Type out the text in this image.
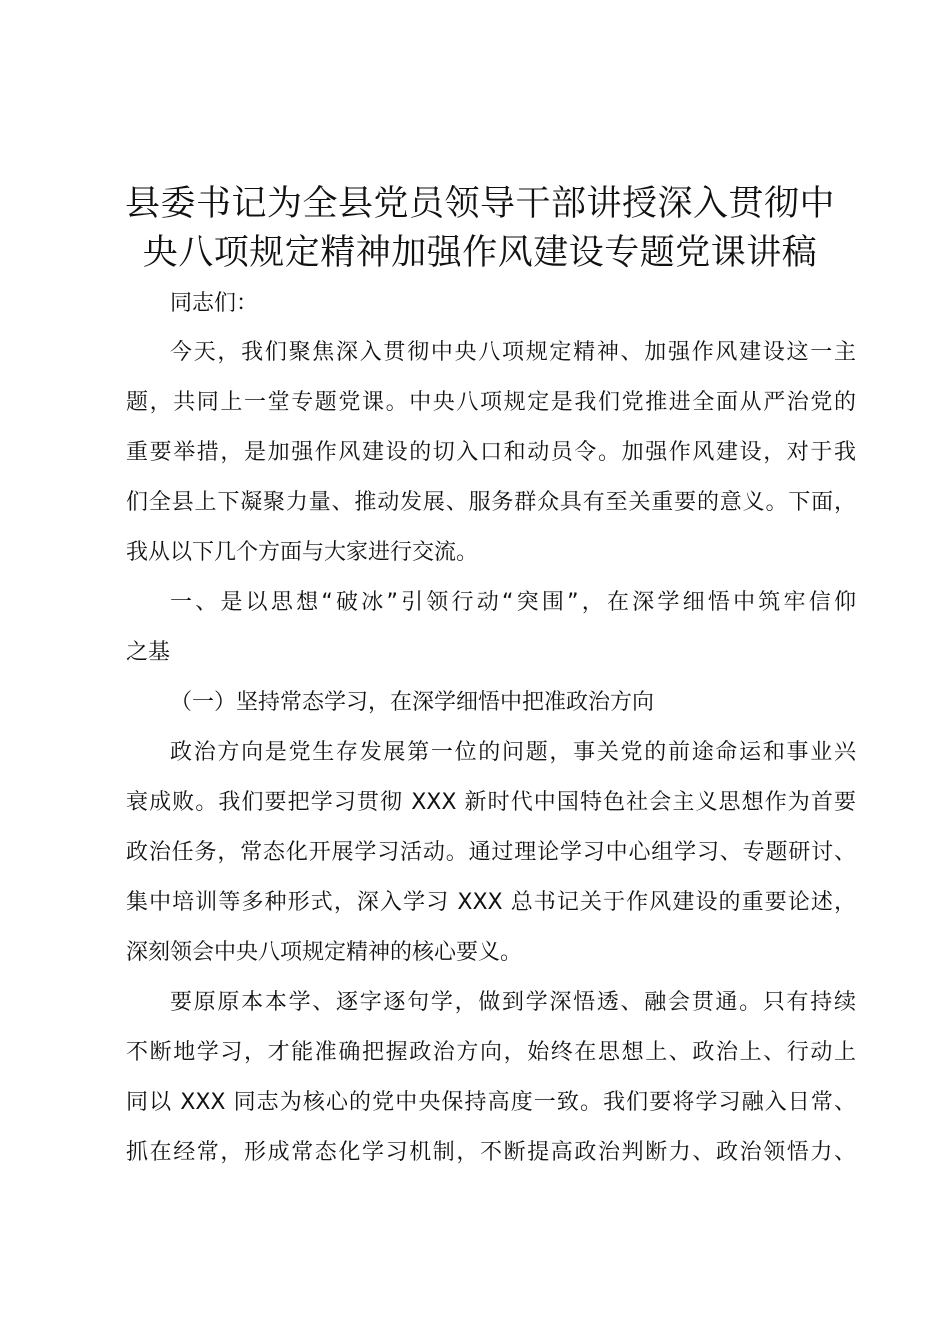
县委书记为全县党员领导干部讲授深入贯彻中
央八项规定精神加强作风建设专题党课讲稿
同志们：
今天，我们聚焦深入贯彻中央八项规定精神、加强作风建设这一主
题，共同上一堂专题党课。中央八项规定是我们党推进全面从严治党的
重要举措，是加强作风建设的切入口和动员令。加强作风建设，对于我
们全县上下凝聚力量、推动发展、服务群众具有至关重要的意义。下面，
我从以下几个方面与大家进行交流。
一、是以思想“破冰”引领行动“突围”，在深学细悟中筑牢信仰
之基
（一）坚持常态学习，在深学细悟中把准政治方向
政治方向是党生存发展第一位的问题，事关党的前途命运和事业兴
衰成败。我们要把学习贯彻 XXX 新时代中国特色社会主义思想作为首要
政治任务，常态化开展学习活动。通过理论学习中心组学习、专题研讨、
集中培训等多种形式，深入学习 XXX 总书记关于作风建设的重要论述，
深刻领会中央八项规定精神的核心要义。
要原原本本学、逐字逐句学，做到学深悟透、融会贯通。只有持续
不断地学习，才能准确把握政治方向，始终在思想上、政治上、行动上
同以 XXX 同志为核心的党中央保持高度一致。我们要将学习融入日常、
抓在经常，形成常态化学习机制，不断提高政治判断力、政治领悟力、
